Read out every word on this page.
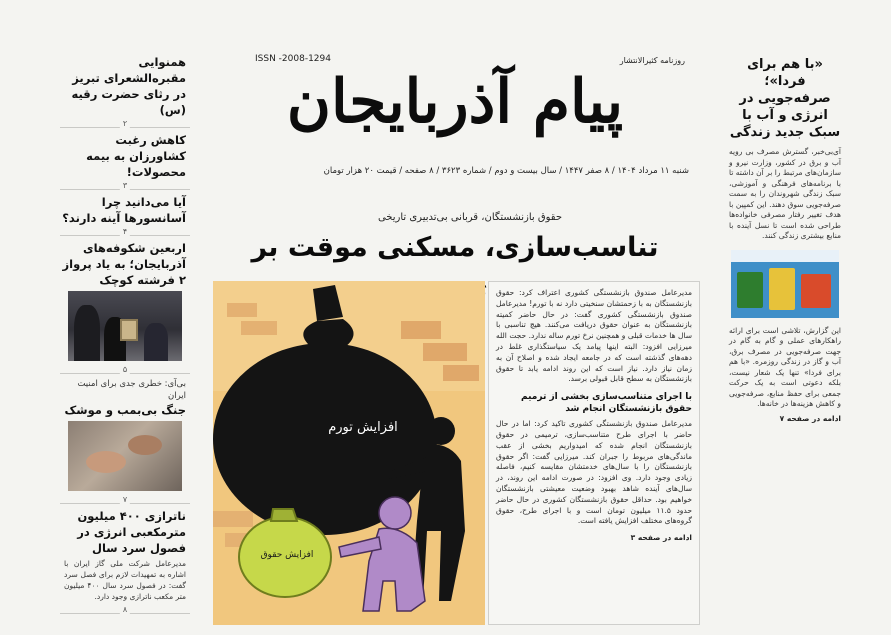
همنوایی مقبره‌الشعرای تبریز در رثای حضرت رقیه (س)
۲
کاهش رغبت کشاورزان به بیمه محصولات!
۳
آیا می‌دانید چرا آسانسورها آینه دارند؟
۴
اربعین شکوفه‌های آذربایجان؛ به یاد پرواز ۲ فرشته کوچک
۵
بی‌آی: خطری جدی برای امنیت ایران
جنگ بی‌بمب و موشک
۷
ناترازی ۴۰۰ میلیون مترمکعبی انرژی در فصول سرد سال
مدیرعامل شرکت ملی گاز ایران با اشاره به تمهیدات لازم برای فصل سرد گفت: در فصول سرد سال ۴۰۰ میلیون متر مکعب ناترازی وجود دارد.
۸
روزنامه کثیرالانتشار
ISSN -2008-1294
پیام آذربایجان
شنبه ۱۱ مرداد ۱۴۰۴ / ۸ صفر ۱۴۴۷ / سال بیست و دوم / شماره ۳۶۲۳ / ۸ صفحه / قیمت ۲۰ هزار تومان
حقوق بازنشستگان، قربانی بی‌تدبیری تاریخی
تناسب‌سازی، مسکنی موقت بر
افزایش تورم
افزایش حقوق
مدیرعامل صندوق بازنشستگی کشوری اعتراف کرد: حقوق بازنشستگان به با زحمتشان سنخیتی دارد نه با تورم! مدیرعامل صندوق بازنشستگی کشوری گفت: در حال حاضر کمیته بازنشستگان به عنوان حقوق دریافت می‌کنند. هیچ تناسبی با سال ها خدمات قبلی و همچنین نرخ تورم ساله ندارد. حجت الله میرزایی افزود: البته اینها پیامد یک سیاستگذاری غلط در دهه‌های گذشته است که در جامعه ایجاد شده و اصلاح آن به زمان نیاز دارد. نیاز است که این روند ادامه یابد تا حقوق بازنشستگان به سطح قابل قبولی برسد.
با اجرای متناسب‌سازی بخشی از ترمیم حقوق بازنشستگان انجام شد
مدیرعامل صندوق بازنشستگی کشوری تاکید کرد: اما در حال حاضر با اجرای طرح متناسب‌سازی، ترمیمی در حقوق بازنشستگان انجام شده که امیدواریم بخشی از عقب ماندگی‌های مربوط را جبران کند. میرزایی گفت: اگر حقوق بازنشستگان را با سال‌های خدمتشان مقایسه کنیم، فاصله زیادی وجود دارد. وی افزود: در صورت ادامه این روند، در سال‌های آینده شاهد بهبود وضعیت معیشتی بازنشستگان خواهیم بود. حداقل حقوق بازنشستگان کشوری در حال حاضر حدود ۱۱.۵ میلیون تومان است و با اجرای طرح، حقوق گروه‌های مختلف افزایش یافته است.
ادامه در صفحه ۳
«با هم برای فردا»؛ صرفه‌جویی در انرژی و آب با سبک جدید زندگی
آی‌بی‌خبر، گسترش مصرف بی رویه آب و برق در کشور، وزارت نیرو و سازمان‌های مرتبط را بر آن داشته تا با برنامه‌های فرهنگی و آموزشی، سبک زندگی شهروندان را به سمت صرفه‌جویی سوق دهند. این کمپین با هدف تغییر رفتار مصرفی خانواده‌ها طراحی شده است تا نسل آینده با منابع بیشتری زندگی کنند.
این گزارش، تلاشی است برای ارائه راهکارهای عملی و گام به گام در جهت صرفه‌جویی در مصرف برق، آب و گاز در زندگی روزمره. «با هم برای فردا» تنها یک شعار نیست، بلکه دعوتی است به یک حرکت جمعی برای حفظ منابع، صرفه‌جویی و کاهش هزینه‌ها در خانه‌ها.
ادامه در صفحه ۷
